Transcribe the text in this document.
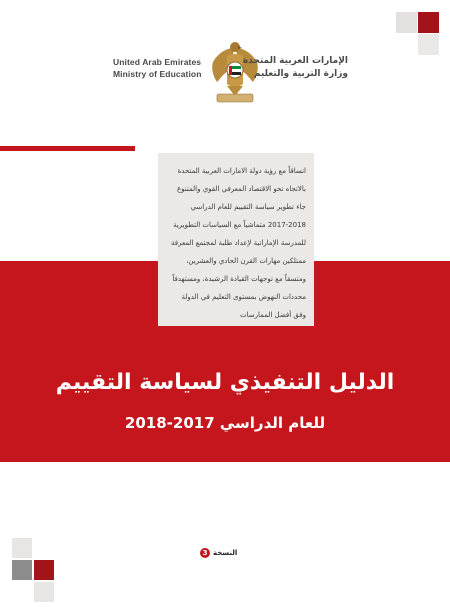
United Arab Emirates
Ministry of Education
الإمارات العربية المتحدة
وزارة التربية والتعليم

اتساقاً مع رؤية دولة الامارات العربية المتحدة

بالاتجاه نحو الاقتصاد المعرفي القوي والمتنوع

جاء تطوير سياسة التقييم للعام الدراسي

2017-2018 متماشياً مع السياسات التطويرية

للمدرسة الإماراتية لإعداد طلبة لمجتمع المعرفة

ممتلكين مهارات القرن الحادي والعشرين،

ومتسقاً مع توجهات القيادة الرشيدة، ومستهدفاً

محددات النهوض بمستوى التعليم في الدولة

وفق أفضل الممارسات

الدليل التنفيذي لسياسة التقييم
للعام الدراسي 2017-2018
النسخة
3
